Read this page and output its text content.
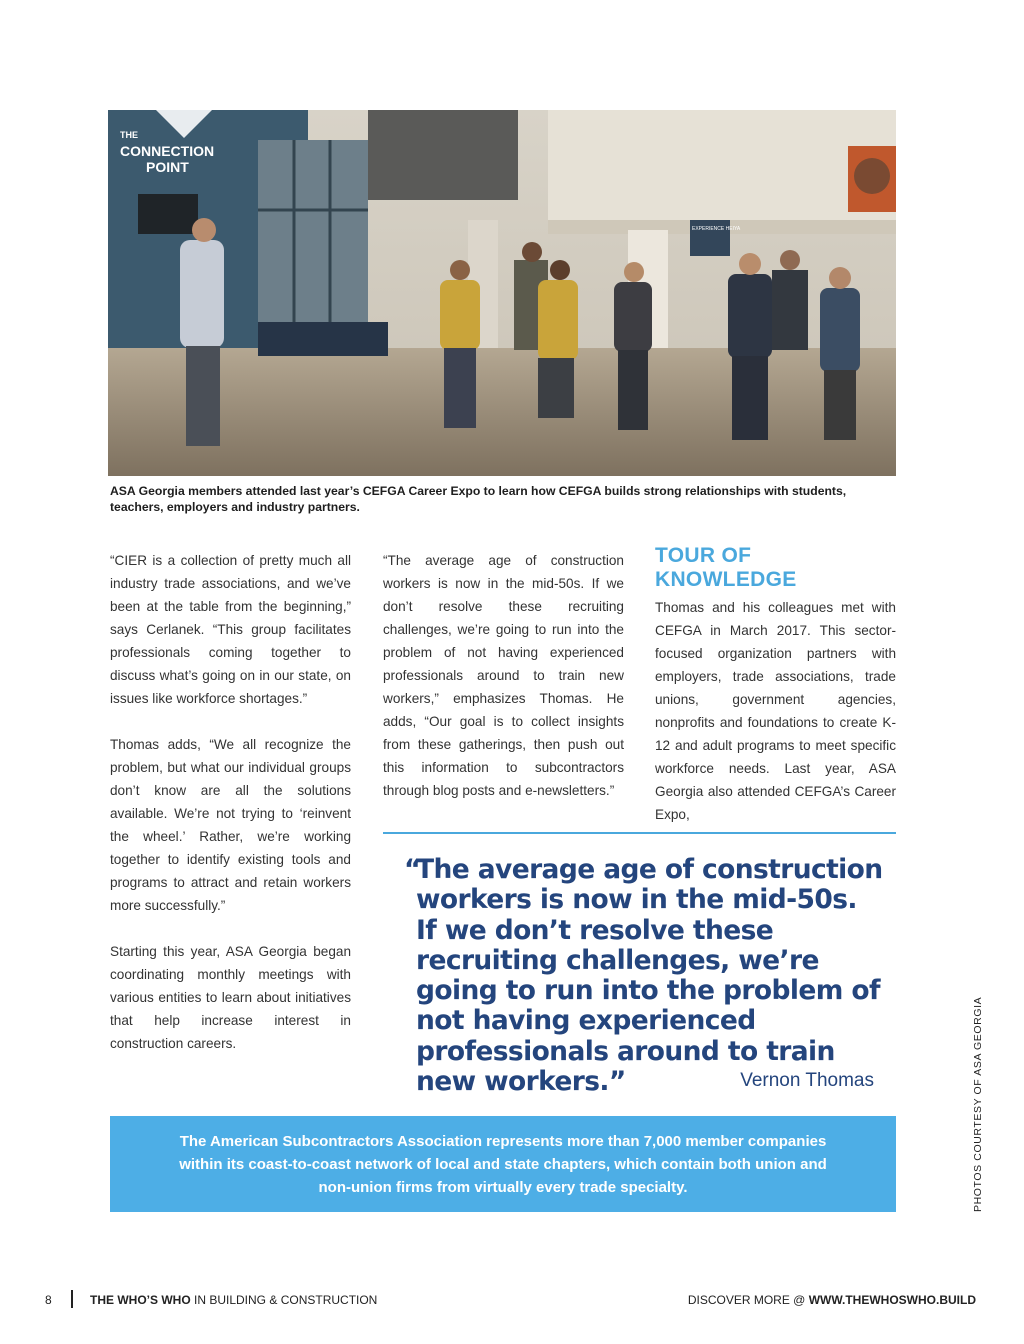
THE
CONNECTION
POINT
EXPERIENCE HEIYA
ASA Georgia members attended last year’s CEFGA Career Expo to learn how CEFGA builds strong relationships with students, teachers, employers and industry partners.

“CIER is a collection of pretty much all industry trade associations, and we’ve been at the table from the beginning,” says Cerlanek. “This group facilitates professionals coming together to discuss what’s going on in our state, on issues like workforce shortages.”

Thomas adds, “We all recognize the problem, but what our individual groups don’t know are all the solutions available. We’re not trying to ‘reinvent the wheel.’ Rather, we’re working together to identify existing tools and programs to attract and retain workers more successfully.”

Starting this year, ASA Georgia began coordinating monthly meetings with various entities to learn about initiatives that help increase interest in construction careers.

“The average age of construction workers is now in the mid-50s. If we don’t resolve these recruiting challenges, we’re going to run into the problem of not having experienced professionals around to train new workers,” emphasizes Thomas. He adds, “Our goal is to collect insights from these gatherings, then push out this information to subcontractors through blog posts and e-newsletters.”

TOUR OF
KNOWLEDGE

Thomas and his colleagues met with CEFGA in March 2017. This sector-focused organization partners with employers, trade associations, trade unions, government agencies, nonprofits and foundations to create K-12 and adult programs to meet specific workforce needs. Last year, ASA Georgia also attended CEFGA’s Career Expo,

“
The average age of construction workers is now in the mid-50s. If we don’t resolve these recruiting challenges, we’re going to run into the problem of not having experienced professionals around to train new workers.”	Vernon Thomas
The American Subcontractors Association represents more than 7,000 member companies within its coast-to-coast network of local and state chapters, which contain both union and non-union firms from virtually every trade specialty.	PHOTOS COURTESY OF ASA GEORGIA
8	THE WHO’S WHO IN BUILDING & CONSTRUCTION	DISCOVER MORE @ WWW.THEWHOSWHO.BUILD
